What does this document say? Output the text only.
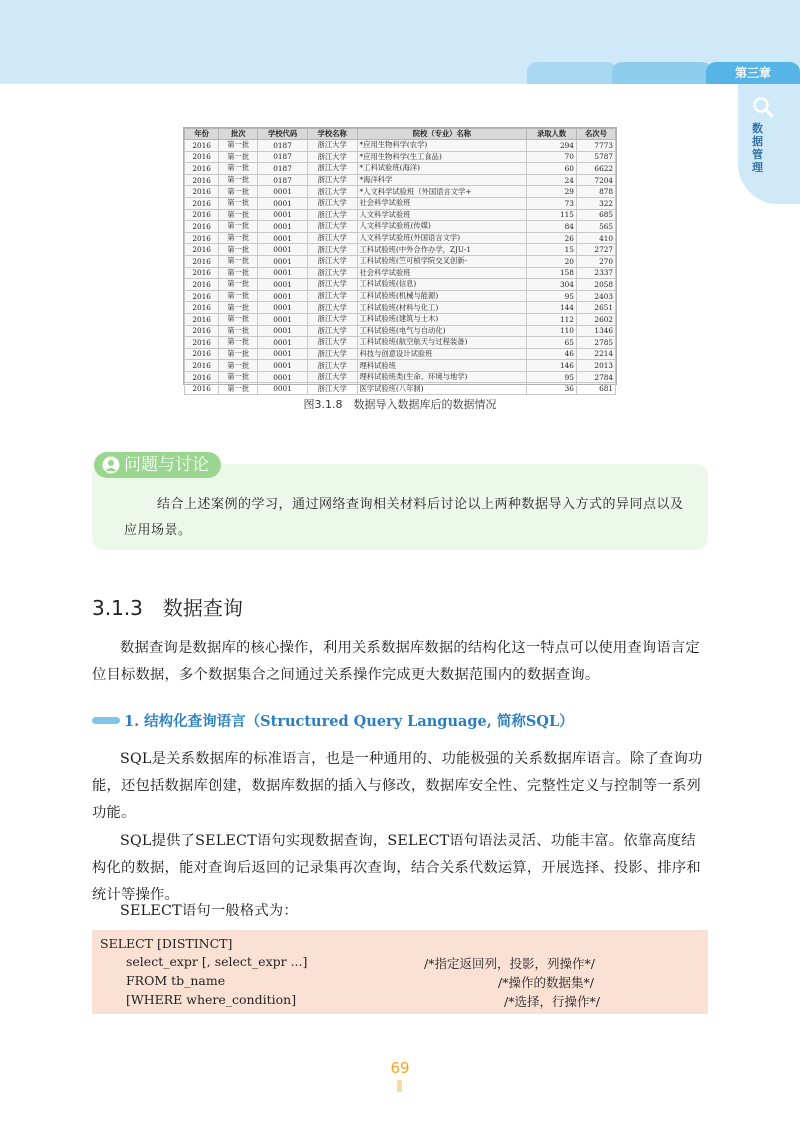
第三章
数据管理
年份	批次	学校代码	学校名称	院校（专业）名称	录取人数	名次号
2016	第一批	0187	浙江大学	*应用生物科学(农学)	294	7773
2016	第一批	0187	浙江大学	*应用生物科学(生工食品)	70	5787
2016	第一批	0187	浙江大学	*工科试验班(海洋)	60	6622
2016	第一批	0187	浙江大学	*海洋科学	24	7204
2016	第一批	0001	浙江大学	*人文科学试验班（外国语言文学+	29	878
2016	第一批	0001	浙江大学	社会科学试验班	73	322
2016	第一批	0001	浙江大学	人文科学试验班	115	685
2016	第一批	0001	浙江大学	人文科学试验班(传媒)	84	565
2016	第一批	0001	浙江大学	人文科学试验班(外国语言文学)	26	410
2016	第一批	0001	浙江大学	工科试验班(中外合作办学，ZJU-1	15	2727
2016	第一批	0001	浙江大学	工科试验班(竺可桢学院交叉创新-	20	270
2016	第一批	0001	浙江大学	社会科学试验班	158	2337
2016	第一批	0001	浙江大学	工科试验班(信息)	304	2058
2016	第一批	0001	浙江大学	工科试验班(机械与能源)	95	2403
2016	第一批	0001	浙江大学	工科试验班(材料与化工)	144	2651
2016	第一批	0001	浙江大学	工科试验班(建筑与土木)	112	2602
2016	第一批	0001	浙江大学	工科试验班(电气与自动化)	110	1346
2016	第一批	0001	浙江大学	工科试验班(航空航天与过程装备)	65	2785
2016	第一批	0001	浙江大学	科技与创意设计试验班	46	2214
2016	第一批	0001	浙江大学	理科试验班	146	2013
2016	第一批	0001	浙江大学	理科试验班类(生命、环境与地学)	95	2784
2016	第一批	0001	浙江大学	医学试验班(八年制)	36	681
图3.1.8　数据导入数据库后的数据情况
问题与讨论
结合上述案例的学习，通过网络查询相关材料后讨论以上两种数据导入方式的异同点以及应用场景。
3.1.3　数据查询
数据查询是数据库的核心操作，利用关系数据库数据的结构化这一特点可以使用查询语言定位目标数据，多个数据集合之间通过关系操作完成更大数据范围内的数据查询。
1. 结构化查询语言（Structured Query Language, 简称SQL）
SQL是关系数据库的标准语言，也是一种通用的、功能极强的关系数据库语言。除了查询功能，还包括数据库创建，数据库数据的插入与修改，数据库安全性、完整性定义与控制等一系列功能。
SQL提供了SELECT语句实现数据查询，SELECT语句语法灵活、功能丰富。依靠高度结构化的数据，能对查询后返回的记录集再次查询，结合关系代数运算，开展选择、投影、排序和统计等操作。
SELECT语句一般格式为：
SELECT [DISTINCT]
select_expr [, select_expr ...]	/*指定返回列，投影，列操作*/
FROM tb_name	/*操作的数据集*/
[WHERE where_condition]	/*选择，行操作*/
69
